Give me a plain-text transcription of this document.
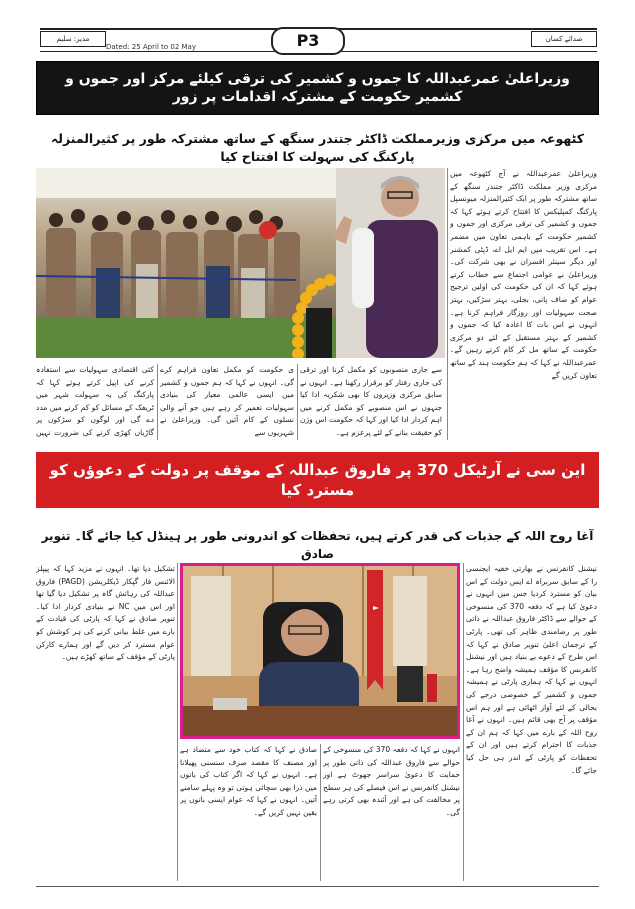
مدیر: سلیم	صدائے کسان
Dated: 25 April to 02 May	P3
وزیراعلیٰ عمرعبداللہ کا جموں و کشمیر کی ترقی کیلئے مرکز اور جموں و کشمیر حکومت کے مشترکہ اقدامات پر زور
کٹھوعہ میں مرکزی وزیرمملکت ڈاکٹر جتندر سنگھ کے ساتھ مشترکہ طور پر کثیرالمنزلہ پارکنگ کی سہولت کا افتتاح کیا
وزیراعلیٰ عمرعبداللہ نے آج کٹھوعہ میں مرکزی وزیر مملکت ڈاکٹر جتندر سنگھ کے ساتھ مشترکہ طور پر ایک کثیرالمنزلہ میونسپل پارکنگ کمپلیکس کا افتتاح کرتے ہوئے کہا کہ جموں و کشمیر کی ترقی مرکزی اور جموں و کشمیر حکومت کے باہمی تعاون میں مضمر ہے۔ اس تقریب میں ایم ایل اے، ڈپٹی کمشنر اور دیگر سینئر افسران نے بھی شرکت کی۔ وزیراعلیٰ نے عوامی اجتماع سے خطاب کرتے ہوئے کہا کہ ان کی حکومت کی اولین ترجیح عوام کو صاف پانی، بجلی، بہتر سڑکیں، بہتر صحت سہولیات اور روزگار فراہم کرنا ہے۔ انہوں نے اس بات کا اعادہ کیا کہ جموں و کشمیر کے بہتر مستقبل کے لئے دو مرکزی حکومت کے ساتھ مل کر کام کرتے رہیں گے۔ عمرعبداللہ نے کہا کہ ہم حکومت ہند کے ساتھ تعاون کریں گے
سے جاری منصوبوں کو مکمل کرنا اور ترقی کی جاری رفتار کو برقرار رکھنا ہے۔ انہوں نے سابق مرکزی وزیروں کا بھی شکریہ ادا کیا جنہوں نے اس منصوبے کو مکمل کرنے میں اہم کردار ادا کیا اور کہا کہ حکومت اس وژن کو حقیقت بنانے کے لئے پرعزم ہے۔
ی حکومت کو مکمل تعاون فراہم کرے گی۔ انہوں نے کہا کہ ہم جموں و کشمیر میں ایسی عالمی معیار کی بنیادی سہولیات تعمیر کر رہے ہیں جو آنے والی نسلوں کے کام آئیں گی۔ وزیراعلیٰ نے شہریوں سے
کئی اقتصادی سہولیات سے استفادہ کرنے کی اپیل کرتے ہوئے کہا کہ پارکنگ کی یہ سہولت شہر میں ٹریفک کے مسائل کو کم کرنے میں مدد دے گی اور لوگوں کو سڑکوں پر گاڑیاں کھڑی کرنے کی ضرورت نہیں
این سی نے آرٹیکل 370 پر فاروق عبداللہ کے موقف پر دولت کے دعوؤں کو مسترد کیا
آغا روح اللہ کے جذبات کی قدر کرتے ہیں، تحفظات کو اندرونی طور پر ہینڈل کیا جائے گا۔ تنویر صادق
نیشنل کانفرنس نے بھارتی خفیہ ایجنسی را کے سابق سربراہ اے ایس دولت کے اس بیان کو مسترد کردیا جس میں انہوں نے دعویٰ کیا ہے کہ دفعہ 370 کی منسوخی کے حوالے سے ڈاکٹر فاروق عبداللہ نے ذاتی طور پر رضامندی ظاہر کی تھی۔ پارٹی کے ترجمان اعلیٰ تنویر صادق نے کہا کہ اس طرح کے دعوے بے بنیاد ہیں اور نیشنل کانفرنس کا مؤقف ہمیشہ واضح رہا ہے۔ انہوں نے کہا کہ ہماری پارٹی نے ہمیشہ جموں و کشمیر کے خصوصی درجے کی بحالی کے لئے آواز اٹھائی ہے اور ہم اس مؤقف پر آج بھی قائم ہیں۔ انہوں نے آغا روح اللہ کے بارے میں کہا کہ ہم ان کے جذبات کا احترام کرتے ہیں اور ان کے تحفظات کو پارٹی کے اندر ہی حل کیا جائے گا۔
تشکیل دیا تھا۔ انہوں نے مزید کہا کہ پیپلز الائنس فار گپکار ڈیکلریشن (PAGD) فاروق عبداللہ کی رہائش گاہ پر تشکیل دیا گیا تھا اور اس میں NC نے بنیادی کردار ادا کیا۔ تنویر صادق نے کہا کہ پارٹی کی قیادت کے بارے میں غلط بیانی کرنے کی ہر کوشش کو عوام مسترد کر دیں گے اور ہمارے کارکن پارٹی کے مؤقف کے ساتھ کھڑے ہیں۔
انہوں نے کہا کہ دفعہ 370 کی منسوخی کے حوالے سے فاروق عبداللہ کی ذاتی طور پر حمایت کا دعویٰ سراسر جھوٹ ہے اور نیشنل کانفرنس نے اس فیصلے کی ہر سطح پر مخالفت کی ہے اور آئندہ بھی کرتی رہے گی۔
صادق نے کہا کہ کتاب خود سے متضاد ہے اور مصنف کا مقصد صرف سنسنی پھیلانا ہے۔ انہوں نے کہا کہ اگر کتاب کی باتوں میں ذرا بھی سچائی ہوتی تو وہ پہلے سامنے آتیں۔ انہوں نے کہا کہ عوام ایسی باتوں پر یقین نہیں کریں گے۔
